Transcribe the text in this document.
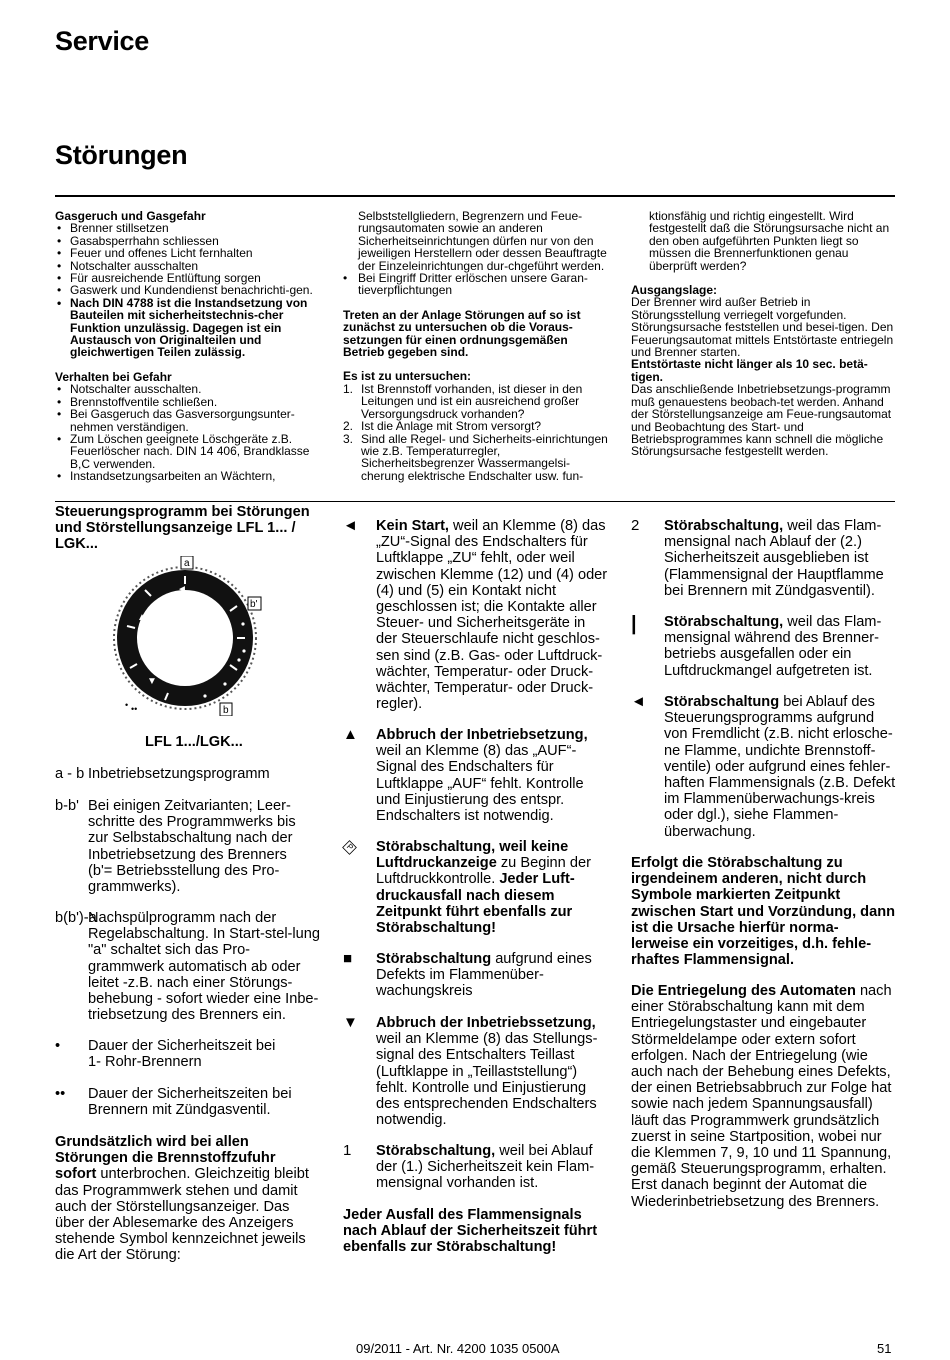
Service
Störungen

Gasgeruch und Gasgefahr

• Brenner stillsetzen
• Gasabsperrhahn schliessen
• Feuer und offenes Licht fernhalten
• Notschalter ausschalten
• Für ausreichende Entlüftung sorgen
• Gaswerk und Kundendienst benachrichti-gen.
• Nach DIN 4788 ist die Instandsetzung von Bauteilen mit sicherheitstechnis-cher Funktion unzulässig. Dagegen ist ein Austausch von Originalteilen und gleichwertigen Teilen zulässig.

Verhalten bei Gefahr

• Notschalter ausschalten.
• Brennstoffventile schließen.
• Bei Gasgeruch das Gasversorgungsunter-nehmen verständigen.
• Zum Löschen geeignete Löschgeräte z.B. Feuerlöscher nach. DIN 14 406, Brandklasse B,C verwenden.
• Instandsetzungsarbeiten an Wächtern,

Selbststellgliedern, Begrenzern und Feue-rungsautomaten sowie an anderen Sicherheitseinrichtungen dürfen nur von den jeweiligen Herstellern oder dessen Beauftragte der Einzeleinrichtungen dur-chgeführt werden.

• Bei Eingriff Dritter erlöschen unsere Garan-tieverpflichtungen

Treten an der Anlage Störungen auf so ist zunächst zu untersuchen ob die Voraus-setzungen für einen ordnungsgemäßen Betrieb gegeben sind.

Es ist zu untersuchen:

1. Ist Brennstoff vorhanden, ist dieser in den Leitungen und ist ein ausreichend großer Versorgungsdruck vorhanden?
2. Ist die Anlage mit Strom versorgt?
3. Sind alle Regel- und Sicherheits-einrichtungen wie z.B. Temperaturregler, Sicherheitsbegrenzer Wassermangelsi-cherung elektrische Endschalter usw. fun-

ktionsfähig und richtig eingestellt. Wird festgestellt daß die Störungsursache nicht an den oben aufgeführten Punkten liegt so müssen die Brennerfunktionen genau überprüft werden?

Ausgangslage:

Der Brenner wird außer Betrieb in Störungsstellung verriegelt vorgefunden. Störungsursache feststellen und besei-tigen. Den Feuerungsautomat mittels Entstörtaste entriegeln und Brenner starten.

Entstörtaste nicht länger als 10 sec. betä-tigen.

Das anschließende Inbetriebsetzungs-programm muß genauestens beobach-tet werden. Anhand der Störstellungsanzeige am Feue-rungsautomat und Beobachtung des Start- und Betriebsprogrammes kann schnell die mögliche Störungsursache festgestellt werden.

Steuerungsprogramm bei Störungen und Störstellungsanzeige LFL 1... / LGK...
P
◄
▲
▼
a
b'
b
• ••
LFL 1.../LGK...
a - b Inbetriebsetzungsprogramm
b-b' Bei einigen Zeitvarianten; Leer-schritte des Programmwerks bis zur Selbstabschaltung nach der Inbetriebsetzung des Brenners (b'= Betriebsstellung des Pro-grammwerks).
b(b')-a
Nachspülprogramm nach der Regelabschaltung. In Start-stel-lung "a" schaltet sich das Pro-grammwerk automatisch ab oder leitet -z.B. nach einer Störungs-behebung - sofort wieder eine Inbe-triebsetzung des Brenners ein.
• Dauer der Sicherheitszeit bei 1- Rohr-Brennern
•• Dauer der Sicherheitszeiten bei Brennern mit Zündgasventil.
Grundsätzlich wird bei allen Störungen die Brennstoffzufuhr sofort unterbrochen. Gleichzeitig bleibt das Programmwerk stehen und damit auch der Störstellungsanzeiger. Das über der Ablesemarke des Anzeigers stehende Symbol kennzeichnet jeweils die Art der Störung:
◄	Kein Start, weil an Klemme (8) das „ZU“-Signal des Endschalters für Luftklappe „ZU“ fehlt, oder weil zwischen Klemme (12) und (4) oder (4) und (5) ein Kontakt nicht geschlossen ist; die Kontakte aller Steuer- und Sicherheitsgeräte in der Steuerschlaufe nicht geschlos-sen sind (z.B. Gas- oder Luftdruck-wächter, Temperatur- oder Druck-wächter, Temperatur- oder Druck-regler).
▲	Abbruch der Inbetriebsetzung, weil an Klemme (8) das „AUF“-Signal des Endschalters für Luftklappe „AUF“ fehlt. Kontrolle und Einjustierung des entspr. Endschalters ist notwendig.
P Störabschaltung, weil keine Luftdruckanzeige zu Beginn der Luftdruckkontrolle. Jeder Luft-druckausfall nach diesem Zeitpunkt führt ebenfalls zur Störabschaltung!
■	Störabschaltung aufgrund eines Defekts im Flammenüber-wachungskreis
▼	Abbruch der Inbetriebssetzung, weil an Klemme (8) das Stellungs-signal des Entschalters Teillast (Luftklappe in „Teillaststellung“) fehlt. Kontrolle und Einjustierung des entsprechenden Endschalters notwendig.
1	Störabschaltung, weil bei Ablauf der (1.) Sicherheitszeit kein Flam-mensignal vorhanden ist.
Jeder Ausfall des Flammensignals nach Ablauf der Sicherheitszeit führt ebenfalls zur Störabschaltung!
2	Störabschaltung, weil das Flam-mensignal nach Ablauf der (2.) Sicherheitszeit ausgeblieben ist (Flammensignal der Hauptflamme bei Brennern mit Zündgasventil).
|	Störabschaltung, weil das Flam-mensignal während des Brenner-betriebs ausgefallen oder ein Luftdruckmangel aufgetreten ist.
◄	Störabschaltung bei Ablauf des Steuerungsprogramms aufgrund von Fremdlicht (z.B. nicht erlosche-ne Flamme, undichte Brennstoff-ventile) oder aufgrund eines fehler-haften Flammensignals (z.B. Defekt im Flammenüberwachungs-kreis oder dgl.), siehe Flammen-überwachung.
Erfolgt die Störabschaltung zu irgendeinem anderen, nicht durch Symbole markierten Zeitpunkt zwischen Start und Vorzündung, dann ist die Ursache hierfür norma-lerweise ein vorzeitiges, d.h. fehle-rhaftes Flammensignal.
Die Entriegelung des Automaten nach einer Störabschaltung kann mit dem Entriegelungstaster und eingebauter Störmeldelampe oder extern sofort erfolgen. Nach der Entriegelung (wie auch nach der Behebung eines Defekts, der einen Betriebsabbruch zur Folge hat sowie nach jedem Spannungsausfall) läuft das Programmwerk grundsätzlich zuerst in seine Startposition, wobei nur die Klemmen 7, 9, 10 und 11 Spannung, gemäß Steuerungsprogramm, erhalten. Erst danach beginnt der Automat die Wiederinbetriebsetzung des Brenners.
09/2011 - Art. Nr. 4200 1035 0500A	51
